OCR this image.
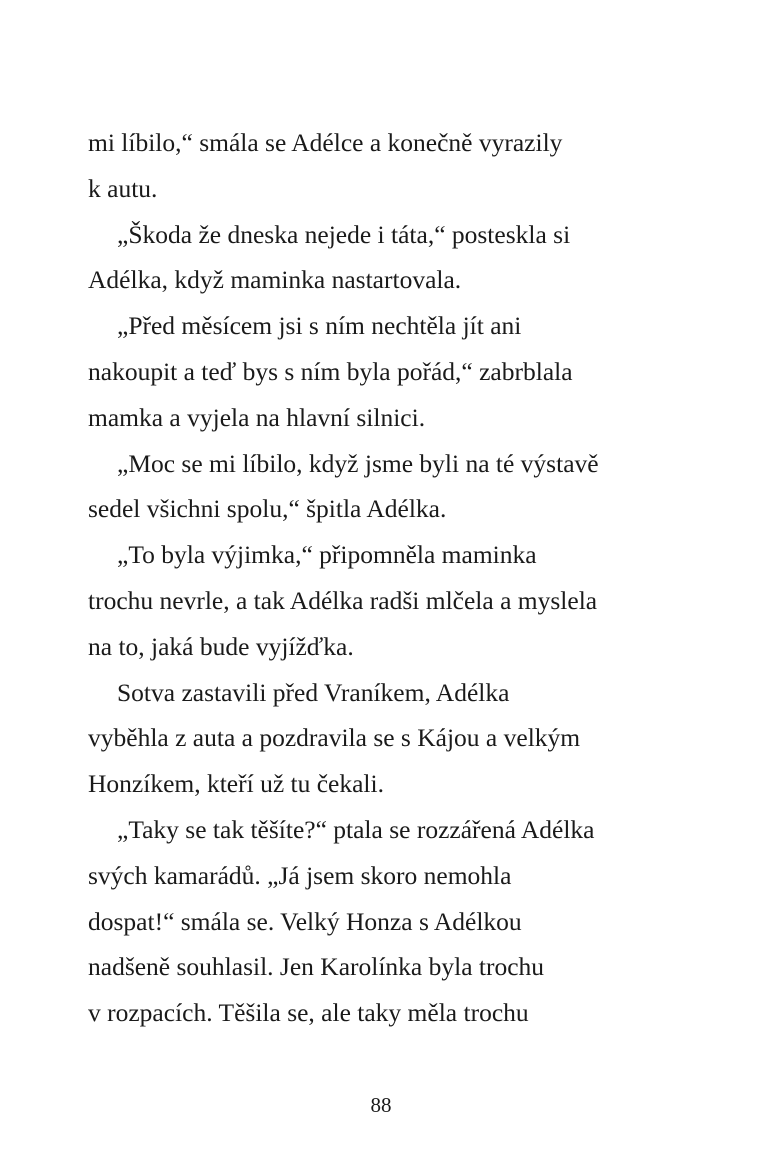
mi líbilo,“ smála se Adélce a konečně vyrazily
k autu.
„Škoda že dneska nejede i táta,“ posteskla si
Adélka, když maminka nastartovala.
„Před měsícem jsi s ním nechtěla jít ani
nakoupit a teď bys s ním byla pořád,“ zabrblala
mamka a vyjela na hlavní silnici.
„Moc se mi líbilo, když jsme byli na té výstavě
sedel všichni spolu,“ špitla Adélka.
„To byla výjimka,“ připomněla maminka
trochu nevrle, a tak Adélka radši mlčela a myslela
na to, jaká bude vyjížďka.
Sotva zastavili před Vraníkem, Adélka
vyběhla z auta a pozdravila se s Kájou a velkým
Honzíkem, kteří už tu čekali.
„Taky se tak těšíte?“ ptala se rozzářená Adélka
svých kamarádů. „Já jsem skoro nemohla
dospat!“ smála se. Velký Honza s Adélkou
nadšeně souhlasil. Jen Karolínka byla trochu
v rozpacích. Těšila se, ale taky měla trochu
88
